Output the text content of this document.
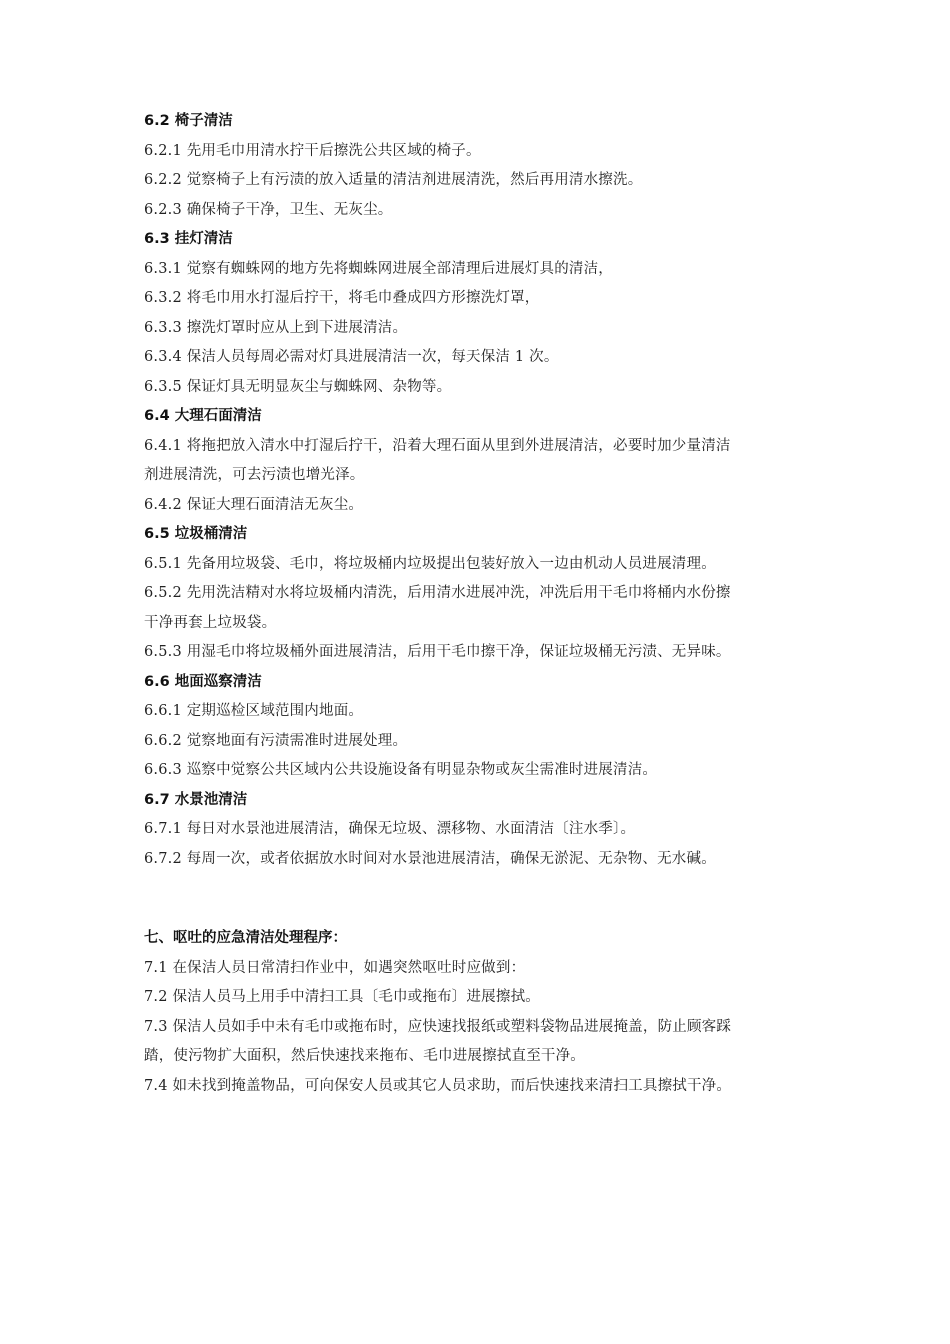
6.2 椅子清洁
6.2.1 先用毛巾用清水拧干后擦洗公共区域的椅子。
6.2.2 觉察椅子上有污渍的放入适量的清洁剂进展清洗，然后再用清水擦洗。
6.2.3 确保椅子干净，卫生、无灰尘。
6.3 挂灯清洁
6.3.1 觉察有蜘蛛网的地方先将蜘蛛网进展全部清理后进展灯具的清洁，
6.3.2 将毛巾用水打湿后拧干，将毛巾叠成四方形擦洗灯罩，
6.3.3 擦洗灯罩时应从上到下进展清洁。
6.3.4 保洁人员每周必需对灯具进展清洁一次，每天保洁 1 次。
6.3.5 保证灯具无明显灰尘与蜘蛛网、杂物等。
6.4 大理石面清洁
6.4.1 将拖把放入清水中打湿后拧干，沿着大理石面从里到外进展清洁，必要时加少量清洁
剂进展清洗，可去污渍也增光泽。
6.4.2 保证大理石面清洁无灰尘。
6.5 垃圾桶清洁
6.5.1 先备用垃圾袋、毛巾，将垃圾桶内垃圾提出包装好放入一边由机动人员进展清理。
6.5.2 先用洗洁精对水将垃圾桶内清洗，后用清水进展冲洗，冲洗后用干毛巾将桶内水份擦
干净再套上垃圾袋。
6.5.3 用湿毛巾将垃圾桶外面进展清洁，后用干毛巾擦干净，保证垃圾桶无污渍、无异味。
6.6 地面巡察清洁
6.6.1 定期巡检区域范围内地面。
6.6.2 觉察地面有污渍需准时进展处理。
6.6.3 巡察中觉察公共区域内公共设施设备有明显杂物或灰尘需准时进展清洁。
6.7 水景池清洁
6.7.1 每日对水景池进展清洁，确保无垃圾、漂移物、水面清洁〔注水季〕。
6.7.2 每周一次，或者依据放水时间对水景池进展清洁，确保无淤泥、无杂物、无水碱。
七、呕吐的应急清洁处理程序：
7.1 在保洁人员日常清扫作业中，如遇突然呕吐时应做到：
7.2 保洁人员马上用手中清扫工具〔毛巾或拖布〕进展擦拭。
7.3 保洁人员如手中未有毛巾或拖布时，应快速找报纸或塑料袋物品进展掩盖，防止顾客踩
踏，使污物扩大面积，然后快速找来拖布、毛巾进展擦拭直至干净。
7.4 如未找到掩盖物品，可向保安人员或其它人员求助，而后快速找来清扫工具擦拭干净。
